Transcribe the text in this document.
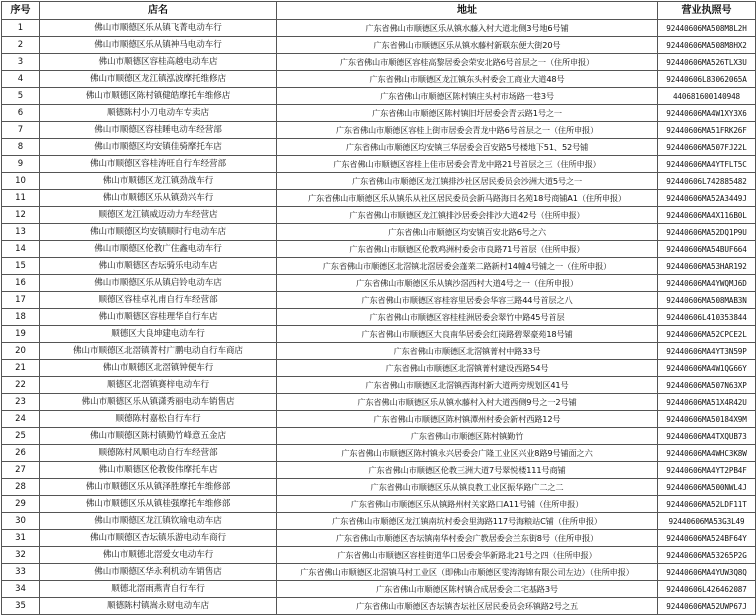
序号	店名	地址	营业执照号
1	佛山市顺德区乐从镇飞菁电动车行	广东省佛山市顺德区乐从镇水藤入村大道北侧3号地6号铺	92440606MA508M8L2H
2	佛山市顺德区乐从镇神马电动车行	广东省佛山市顺德区乐从镇水藤村新联东便大街20号	92440606MA508M8HX2
3	佛山市顺德区容桂高越电动车店	广东省佛山市顺德区容桂高黎居委会荣安北路6号首层之一（住所申报）	92440606MA526TLX3U
4	佛山市顺德区龙江镇泓波摩托维修店	广东省佛山市顺德区龙江镇东头村委会工商业大道48号	92440606L83062065A
5	佛山市顺德区陈村镇健皓摩托车维修店	广东省佛山市顺德区陈村镇庄头村市场路一巷3号	440681600140948
6	顺德陈村小刀电动车专卖店	广东省佛山市顺德区陈村镇旧圩居委会青云路1号之一	92440606MA4W1XY3X6
7	佛山市顺德区容桂睡电动车经营部	广东省佛山市顺德区容桂上街市居委会青龙中路6号首层之一（住所申报）	92440606MA51FRK26F
8	佛山市顺德区均安镇佳骑摩托车店	广东省佛山市顺德区均安镇三华居委会百安路5号楼地下51、52号铺	92440606MA507FJ22L
9	佛山市顺德区容桂涛旺自行车经营部	广东省佛山市顺德区容桂上佳市居委会青龙中路21号首层之三（住所申报）	92440606MA4YTFLT5C
10	佛山市顺德区龙江镇劲战车行	广东省佛山市顺德区龙江镇排沙社区居民委员会沙洲大道5号之一	92440606L742885482
11	佛山市顺德区乐从镇劲兴车行	广东省佛山市顺德区乐从镇乐从社区居民委员会新马路海日名苑18号商铺A1（住所申报）	92440606MA52A3449J
12	顺德区龙江镇威迈动力车经营店	广东省佛山市顺德区龙江镇排沙居委会排沙大道42号（住所申报）	92440606MA4X116B0L
13	佛山市顺德区均安镇顺时行电动车店	广东省佛山市顺德区均安镇百安北路6号之六	92440606MA52DQ1P9U
14	佛山市顺德区伦教广住鑫电动车行	广东省佛山市顺德区伦教鸡洲村委会市良路71号首层（住所申报）	92440606MA54BUF664
15	佛山市顺德区杏坛骑乐电动车店	广东省佛山市顺德区北滘镇北滘居委会蓬莱二路新村14幢4号铺之一（住所申报）	92440606MA53HAR192
16	佛山市顺德区乐从镇启铃电动车店	广东省佛山市顺德区乐从镇沙滘西村大道4号之一（住所申报）	92440606MA4YWQMJ6D
17	顺德区容桂卓礼甫自行车经营部	广东省佛山市顺德区容桂容里居委会华容三路44号首层之八	92440606MA508MAB3N
18	佛山市顺德区容桂理华自行车店	广东省佛山市顺德区容桂桂洲居委会翠竹中路45号首层	92440606L410353844
19	顺德区大良坤建电动车行	广东省佛山市顺德区大良南华居委会红岗路碧翠豪苑18号铺	92440606MA52CPCE2L
20	佛山市顺德区北滘镇菁村广鹏电动自行车商店	广东省佛山市顺德区北滘镇菁村中路33号	92440606MA4YT3N59P
21	佛山市顺德区北滘镇钟便车行	广东省佛山市顺德区北滘镇菁村建设西路54号	92440606MA4W1QG66Y
22	顺德区北滘镇赛梓电动车行	广东省佛山市顺德区北滘镇西海村新大道两旁规划区41号	92440606MA507N63XP
23	佛山市顺德区乐从镇潇秀丽电动车销售店	广东省佛山市顺德区乐从镇水藤村入村大道西侧9号之一2号铺	92440606MA51X4R42U
24	顺德陈村嘉松自行车行	广东省佛山市顺德区陈村镇潭州村委会新村西路12号	92440606MA50184X9M
25	佛山市顺德区陈村镇勤竹峰意五金店	广东省佛山市顺德区陈村镇勤竹	92440606MA4TXQUB73
26	顺德陈村风顺电动自行车经营部	广东省佛山市顺德区陈村镇永兴居委会广隆工业区兴业8路9号铺面之六	92440606MA4WHC3K8W
27	佛山市顺德区伦教俊伟摩托车店	广东省佛山市顺德区伦教三洲大道7号翠悦楼111号商铺	92440606MA4YT2PB4F
28	佛山市顺德区乐从镇泽胜摩托车维修部	广东省佛山市顺德区乐从镇良教工业区振华路广二之二	92440606MA500NWL4J
29	佛山市顺德区乐从镇桂强摩托车维修部	广东省佛山市顺德区乐从镇路州村关家路口A11号铺（住所申报）	92440606MA52LDF11T
30	佛山市顺德区龙江镇钦瑜电动车店	广东省佛山市顺德区龙江镇南坑村委会里海路117号海粮站C铺（住所申报）	92440606MA53G3L49
31	佛山市顺德区杏坛镇乐游电动车商行	广东省佛山市顺德区杏坛镇南华村委会广教居委会兰东街8号（住所申报）	92440606MA524BF64Y
32	佛山市顺德北滘爱女电动车行	广东省佛山市顺德区容桂街道华口居委会华新路北21号之四（住所申报）	92440606MA53265P2G
33	佛山市顺德区华永利机动车销售店	广东省佛山市顺德区北滘镇马村工业区（即佛山市顺德区雯涛海锦有限公司左边）（住所申报）	92440606MA4YUW3Q8Q
34	顺德北滘雨燕青自行车行	广东省佛山市顺德区陈村镇合成居委会二宅基路3号	92440606L426462087
35	顺德陈村镇嵩永财电动车店	广东省佛山市顺德区杏坛镇杏坛社区居民委员会环镇路2号之五	92440606MA52UWP67J
